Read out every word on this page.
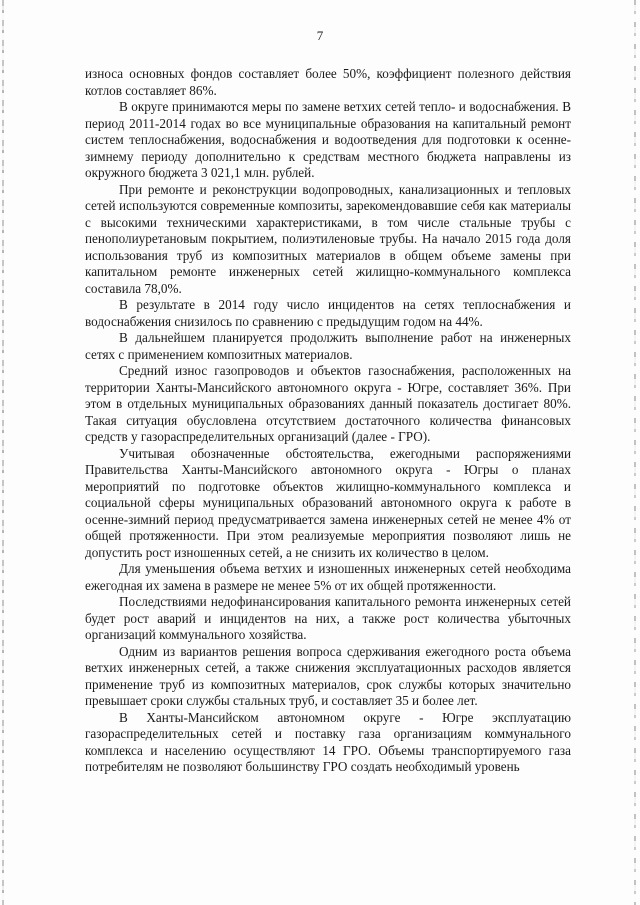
7

износа основных фондов составляет более 50%, коэффициент полезного действия котлов составляет 86%.

В округе принимаются меры по замене ветхих сетей тепло- и водоснабжения. В период 2011-2014 годах во все муниципальные образования на капитальный ремонт систем теплоснабжения, водоснабжения и водоотведения для подготовки к осенне-зимнему периоду дополнительно к средствам местного бюджета направлены из окружного бюджета 3 021,1 млн. рублей.

При ремонте и реконструкции водопроводных, канализационных и тепловых сетей используются современные композиты, зарекомендовавшие себя как материалы с высокими техническими характеристиками, в том числе стальные трубы с пенополиуретановым покрытием, полиэтиленовые трубы. На начало 2015 года доля использования труб из композитных материалов в общем объеме замены при капитальном ремонте инженерных сетей жилищно-коммунального комплекса составила 78,0%.

В результате в 2014 году число инцидентов на сетях теплоснабжения и водоснабжения снизилось по сравнению с предыдущим годом на 44%.

В дальнейшем планируется продолжить выполнение работ на инженерных сетях с применением композитных материалов.

Средний износ газопроводов и объектов газоснабжения, расположенных на территории Ханты-Мансийского автономного округа - Югре, составляет 36%. При этом в отдельных муниципальных образованиях данный показатель достигает 80%. Такая ситуация обусловлена отсутствием достаточного количества финансовых средств у газораспределительных организаций (далее - ГРО).

Учитывая обозначенные обстоятельства, ежегодными распоряжениями Правительства Ханты-Мансийского автономного округа - Югры о планах мероприятий по подготовке объектов жилищно-коммунального комплекса и социальной сферы муниципальных образований автономного округа к работе в осенне-зимний период предусматривается замена инженерных сетей не менее 4% от общей протяженности. При этом реализуемые мероприятия позволяют лишь не допустить рост изношенных сетей, а не снизить их количество в целом.

Для уменьшения объема ветхих и изношенных инженерных сетей необходима ежегодная их замена в размере не менее 5% от их общей протяженности.

Последствиями недофинансирования капитального ремонта инженерных сетей будет рост аварий и инцидентов на них, а также рост количества убыточных организаций коммунального хозяйства.

Одним из вариантов решения вопроса сдерживания ежегодного роста объема ветхих инженерных сетей, а также снижения эксплуатационных расходов является применение труб из композитных материалов, срок службы которых значительно превышает сроки службы стальных труб, и составляет 35 и более лет.

В Ханты-Мансийском автономном округе - Югре эксплуатацию газораспределительных сетей и поставку газа организациям коммунального комплекса и населению осуществляют 14 ГРО. Объемы транспортируемого газа потребителям не позволяют большинству ГРО создать необходимый уровень
